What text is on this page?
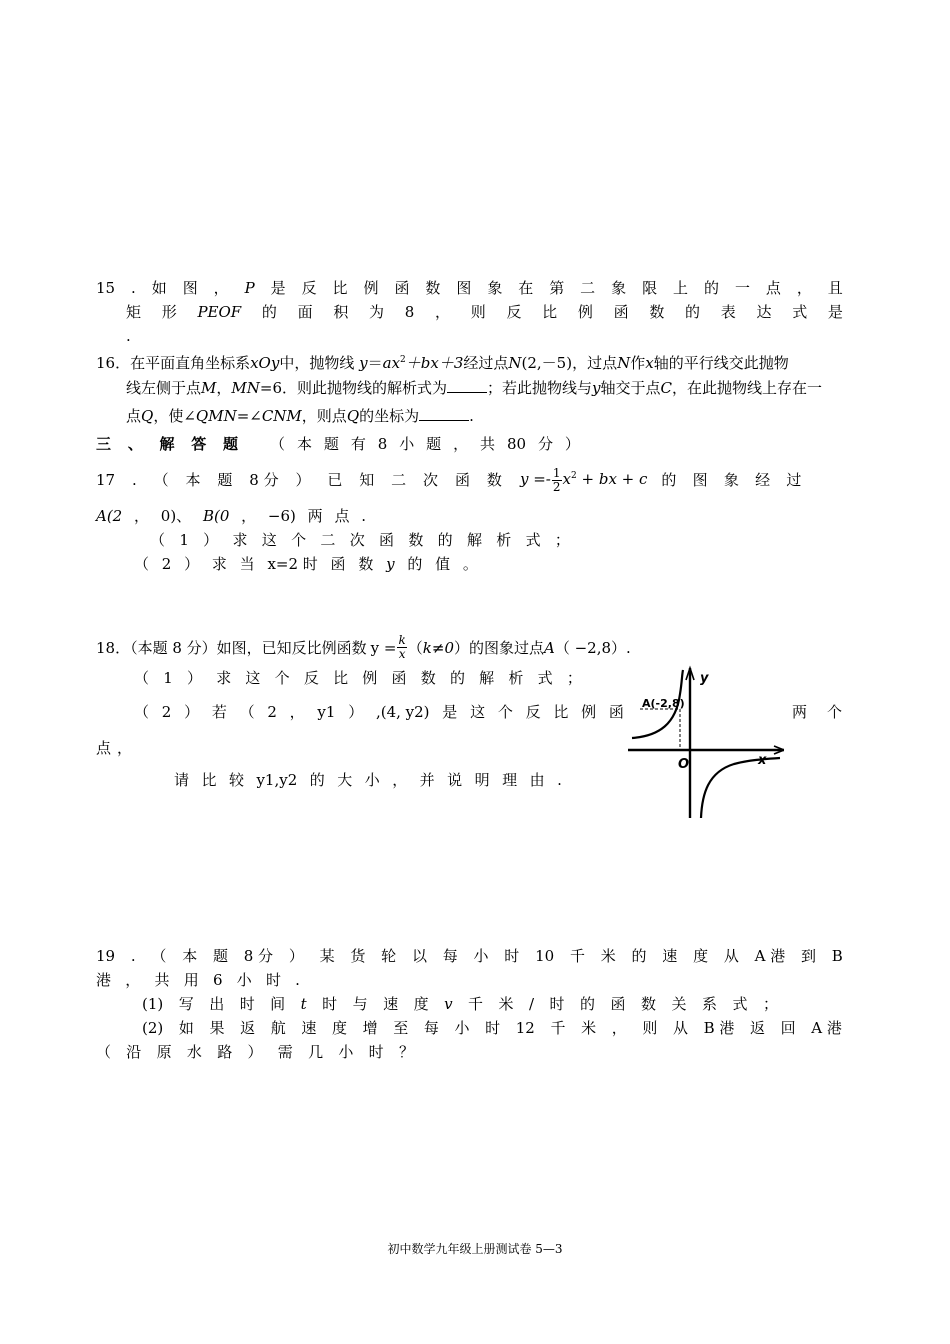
15 . 如 图 ， P 是 反 比 例 函 数 图 象 在 第 二 象 限 上 的 一 点 ， 且
矩 形 PEOF 的 面 积 为 8 ， 则 反 比 例 函 数 的 表 达 式 是
.
16．在平面直角坐标系xOy中，抛物线 $y=ax^2+bx+3$经过点N(2,－5)，过点N作x轴的平行线交此抛物
线左侧于点M，MN=6．则此抛物线的解析式为	；若此抛物线与y轴交于点C，在此抛物线上存在一
点Q，使∠QMN=∠CNM，则点Q的坐标为	.
三 、 解 答 题 （ 本 题 有 8 小 题 ， 共 80 分 ）
17 . （ 本 题 8 分 ） 已 知 二 次 函 数 $y =- \frac{1}{2} x^2$ + bx + c 的 图 象 经 过
A(2 ， 0)、 B(0 ， −6) 两 点 .
（ 1 ） 求 这 个 二 次 函 数 的 解 析 式 ；
（ 2 ） 求 当 x=2 时 函 数 y 的 值 。
18．（本题 8 分）如图，已知反比例函数 $y = \frac{k}{x}$ （ k≠0 ）的图象过点 A （ −2,8）.
（ 1 ） 求 这 个 反 比 例 函 数 的 解 析 式 ；
（ 2 ） 若 （ 2 ， y1 ） ,(4, y2) 是 这 个 反 比 例 函	两 个
点 ，
请 比 较 y1,y2 的 大 小 ， 并 说 明 理 由 .
A(-2,8)
y
x
O
19 . （ 本 题 8 分 ） 某 货 轮 以 每 小 时 10 千 米 的 速 度 从 A 港 到 B
港 ， 共 用 6 小 时 .
(1) 写 出 时 间 t 时 与 速 度 v 千 米 / 时 的 函 数 关 系 式 ；
(2) 如 果 返 航 速 度 增 至 每 小 时 12 千 米 ， 则 从 B 港 返 回 A 港
（ 沿 原 水 路 ） 需 几 小 时 ？
初中数学九年级上册测试卷 5—3
